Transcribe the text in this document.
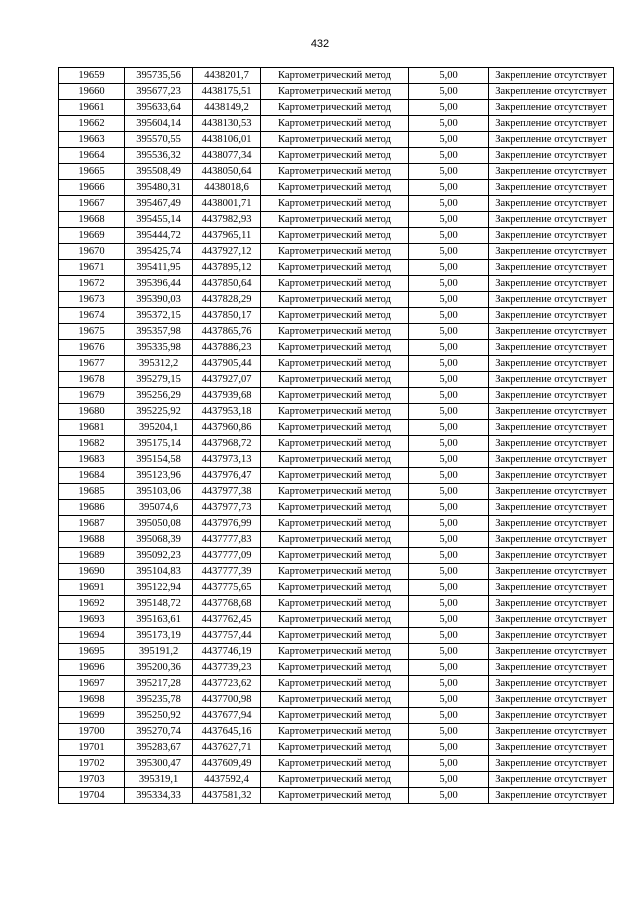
432
19659	395735,56	4438201,7	Картометрический метод	5,00	Закрепление отсутствует
19660	395677,23	4438175,51	Картометрический метод	5,00	Закрепление отсутствует
19661	395633,64	4438149,2	Картометрический метод	5,00	Закрепление отсутствует
19662	395604,14	4438130,53	Картометрический метод	5,00	Закрепление отсутствует
19663	395570,55	4438106,01	Картометрический метод	5,00	Закрепление отсутствует
19664	395536,32	4438077,34	Картометрический метод	5,00	Закрепление отсутствует
19665	395508,49	4438050,64	Картометрический метод	5,00	Закрепление отсутствует
19666	395480,31	4438018,6	Картометрический метод	5,00	Закрепление отсутствует
19667	395467,49	4438001,71	Картометрический метод	5,00	Закрепление отсутствует
19668	395455,14	4437982,93	Картометрический метод	5,00	Закрепление отсутствует
19669	395444,72	4437965,11	Картометрический метод	5,00	Закрепление отсутствует
19670	395425,74	4437927,12	Картометрический метод	5,00	Закрепление отсутствует
19671	395411,95	4437895,12	Картометрический метод	5,00	Закрепление отсутствует
19672	395396,44	4437850,64	Картометрический метод	5,00	Закрепление отсутствует
19673	395390,03	4437828,29	Картометрический метод	5,00	Закрепление отсутствует
19674	395372,15	4437850,17	Картометрический метод	5,00	Закрепление отсутствует
19675	395357,98	4437865,76	Картометрический метод	5,00	Закрепление отсутствует
19676	395335,98	4437886,23	Картометрический метод	5,00	Закрепление отсутствует
19677	395312,2	4437905,44	Картометрический метод	5,00	Закрепление отсутствует
19678	395279,15	4437927,07	Картометрический метод	5,00	Закрепление отсутствует
19679	395256,29	4437939,68	Картометрический метод	5,00	Закрепление отсутствует
19680	395225,92	4437953,18	Картометрический метод	5,00	Закрепление отсутствует
19681	395204,1	4437960,86	Картометрический метод	5,00	Закрепление отсутствует
19682	395175,14	4437968,72	Картометрический метод	5,00	Закрепление отсутствует
19683	395154,58	4437973,13	Картометрический метод	5,00	Закрепление отсутствует
19684	395123,96	4437976,47	Картометрический метод	5,00	Закрепление отсутствует
19685	395103,06	4437977,38	Картометрический метод	5,00	Закрепление отсутствует
19686	395074,6	4437977,73	Картометрический метод	5,00	Закрепление отсутствует
19687	395050,08	4437976,99	Картометрический метод	5,00	Закрепление отсутствует
19688	395068,39	4437777,83	Картометрический метод	5,00	Закрепление отсутствует
19689	395092,23	4437777,09	Картометрический метод	5,00	Закрепление отсутствует
19690	395104,83	4437777,39	Картометрический метод	5,00	Закрепление отсутствует
19691	395122,94	4437775,65	Картометрический метод	5,00	Закрепление отсутствует
19692	395148,72	4437768,68	Картометрический метод	5,00	Закрепление отсутствует
19693	395163,61	4437762,45	Картометрический метод	5,00	Закрепление отсутствует
19694	395173,19	4437757,44	Картометрический метод	5,00	Закрепление отсутствует
19695	395191,2	4437746,19	Картометрический метод	5,00	Закрепление отсутствует
19696	395200,36	4437739,23	Картометрический метод	5,00	Закрепление отсутствует
19697	395217,28	4437723,62	Картометрический метод	5,00	Закрепление отсутствует
19698	395235,78	4437700,98	Картометрический метод	5,00	Закрепление отсутствует
19699	395250,92	4437677,94	Картометрический метод	5,00	Закрепление отсутствует
19700	395270,74	4437645,16	Картометрический метод	5,00	Закрепление отсутствует
19701	395283,67	4437627,71	Картометрический метод	5,00	Закрепление отсутствует
19702	395300,47	4437609,49	Картометрический метод	5,00	Закрепление отсутствует
19703	395319,1	4437592,4	Картометрический метод	5,00	Закрепление отсутствует
19704	395334,33	4437581,32	Картометрический метод	5,00	Закрепление отсутствует
